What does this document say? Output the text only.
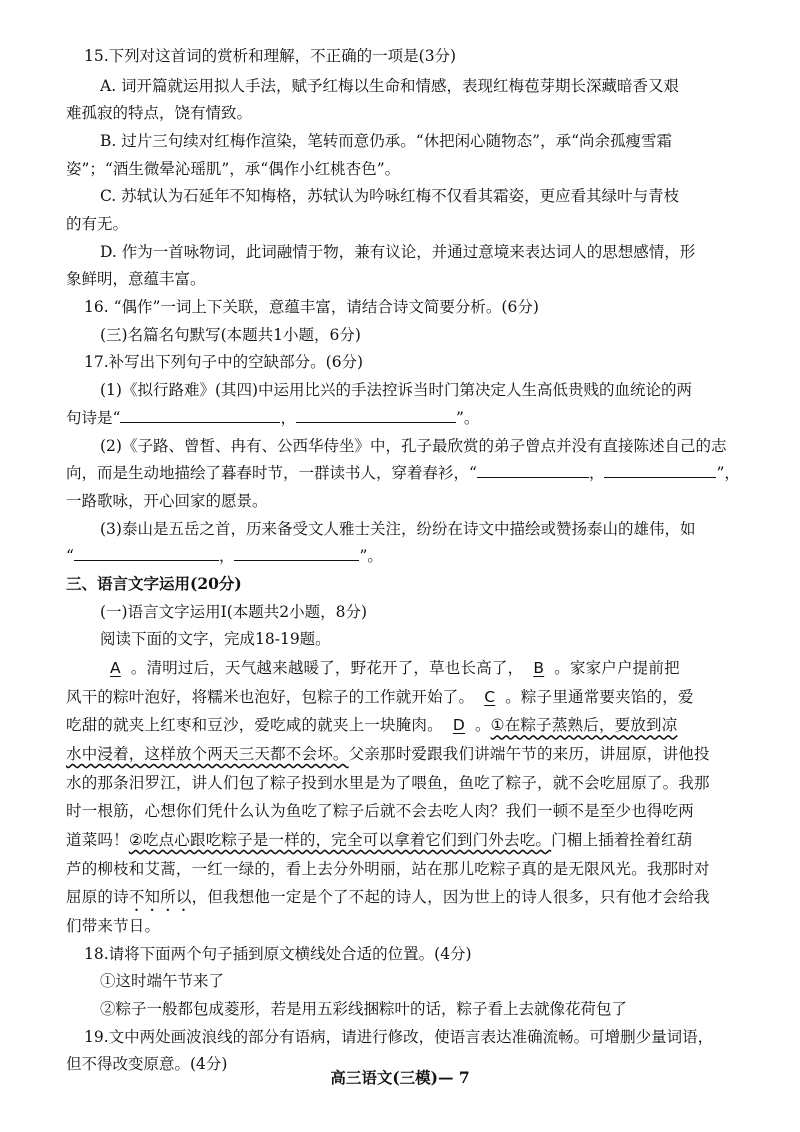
15.下列对这首词的赏析和理解，不正确的一项是(3分)
A. 词开篇就运用拟人手法，赋予红梅以生命和情感，表现红梅苞芽期长深藏暗香又艰
难孤寂的特点，饶有情致。
B. 过片三句续对红梅作渲染，笔转而意仍承。“休把闲心随物态”，承“尚余孤瘦雪霜
姿”；“酒生微晕沁瑶肌”，承“偶作小红桃杏色”。
C. 苏轼认为石延年不知梅格，苏轼认为吟咏红梅不仅看其霜姿，更应看其绿叶与青枝
的有无。
D. 作为一首咏物词，此词融情于物，兼有议论，并通过意境来表达词人的思想感情，形
象鲜明，意蕴丰富。
16. “偶作”一词上下关联，意蕴丰富，请结合诗文简要分析。(6分)
(三)名篇名句默写(本题共1小题，6分)
17.补写出下列句子中的空缺部分。(6分)
(1)《拟行路难》(其四)中运用比兴的手法控诉当时门第决定人生高低贵贱的血统论的两
句诗是“	，	”。
(2)《子路、曾皙、冉有、公西华侍坐》中，孔子最欣赏的弟子曾点并没有直接陈述自己的志
向，而是生动地描绘了暮春时节，一群读书人，穿着春衫，“	，	”，
一路歌咏，开心回家的愿景。
(3)泰山是五岳之首，历来备受文人雅士关注，纷纷在诗文中描绘或赞扬泰山的雄伟，如
“	，	”。
三、语言文字运用(20分)
(一)语言文字运用Ⅰ(本题共2小题，8分)
阅读下面的文字，完成18-19题。
A 。清明过后，天气越来越暖了，野花开了，草也长高了， B 。家家户户提前把
风干的粽叶泡好，将糯米也泡好，包粽子的工作就开始了。 C 。粽子里通常要夹馅的，爱
吃甜的就夹上红枣和豆沙，爱吃咸的就夹上一块腌肉。 D 。①在粽子蒸熟后，要放到凉
水中浸着，这样放个两天三天都不会坏。父亲那时爱跟我们讲端午节的来历，讲屈原，讲他投
水的那条汨罗江，讲人们包了粽子投到水里是为了喂鱼，鱼吃了粽子，就不会吃屈原了。我那
时一根筋，心想你们凭什么认为鱼吃了粽子后就不会去吃人肉？我们一顿不是至少也得吃两
道菜吗！②吃点心跟吃粽子是一样的，完全可以拿着它们到门外去吃。门楣上插着拴着红葫
芦的柳枝和艾蒿，一红一绿的，看上去分外明丽，站在那儿吃粽子真的是无限风光。我那时对
屈原的诗不知所以，但我想他一定是个了不起的诗人，因为世上的诗人很多，只有他才会给我
们带来节日。
18.请将下面两个句子插到原文横线处合适的位置。(4分)
①这时端午节来了
②粽子一般都包成菱形，若是用五彩线捆粽叶的话，粽子看上去就像花荷包了
19.文中两处画波浪线的部分有语病，请进行修改，使语言表达准确流畅。可增删少量词语，
但不得改变原意。(4分)
高三语文(三模)— 7
